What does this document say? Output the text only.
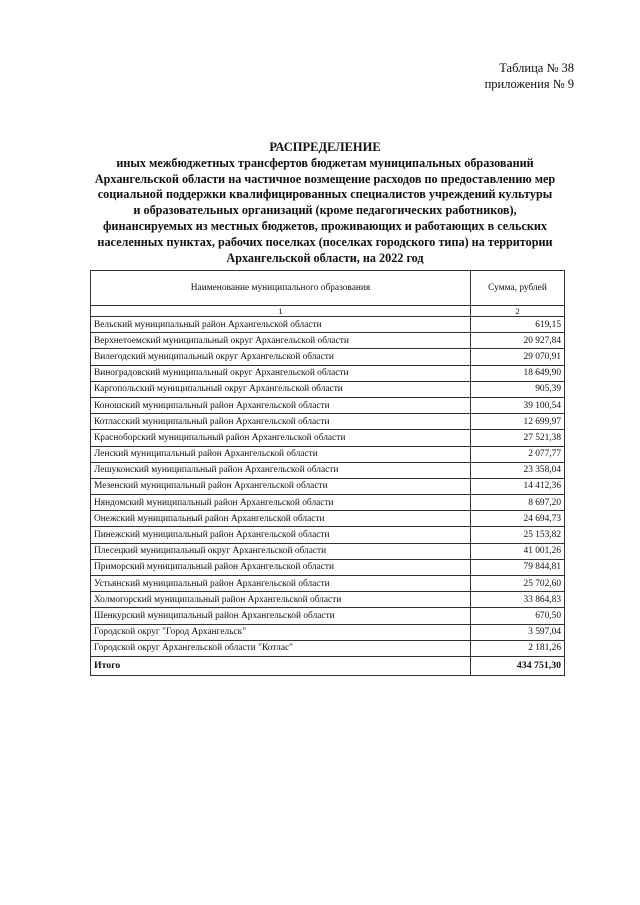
Таблица № 38
приложения № 9
РАСПРЕДЕЛЕНИЕ
иных межбюджетных трансфертов бюджетам муниципальных образований
Архангельской области на частичное возмещение расходов по предоставлению мер
социальной поддержки квалифицированных специалистов учреждений культуры
и образовательных организаций (кроме педагогических работников),
финансируемых из местных бюджетов, проживающих и работающих в сельских
населенных пунктах, рабочих поселках (поселках городского типа) на территории
Архангельской области, на 2022 год
Наименование муниципального образования	Сумма, рублей
1	2
Вельский муниципальный район Архангельской области	619,15
Верхнетоемский муниципальный округ Архангельской области	20 927,84
Вилегодский муниципальный округ Архангельской области	29 070,91
Виноградовский муниципальный округ Архангельской области	18 649,90
Каргопольский муниципальный округ Архангельской области	905,39
Коношский муниципальный район Архангельской области	39 100,54
Котласский муниципальный район Архангельской области	12 699,97
Красноборский муниципальный район Архангельской области	27 521,38
Ленский муниципальный район Архангельской области	2 077,77
Лешуконский муниципальный район Архангельской области	23 358,04
Мезенский муниципальный район Архангельской области	14 412,36
Няндомский муниципальный район Архангельской области	8 697,20
Онежский муниципальный район Архангельской области	24 694,73
Пинежский муниципальный район Архангельской области	25 153,82
Плесецкий муниципальный округ Архангельской области	41 001,26
Приморский муниципальный район Архангельской области	79 844,81
Устьянский муниципальный район Архангельской области	25 702,60
Холмогорский муниципальный район Архангельской области	33 864,83
Шенкурский муниципальный район Архангельской области	670,50
Городской округ "Город Архангельск"	3 597,04
Городской округ Архангельской области "Котлас"	2 181,26
Итого	434 751,30
